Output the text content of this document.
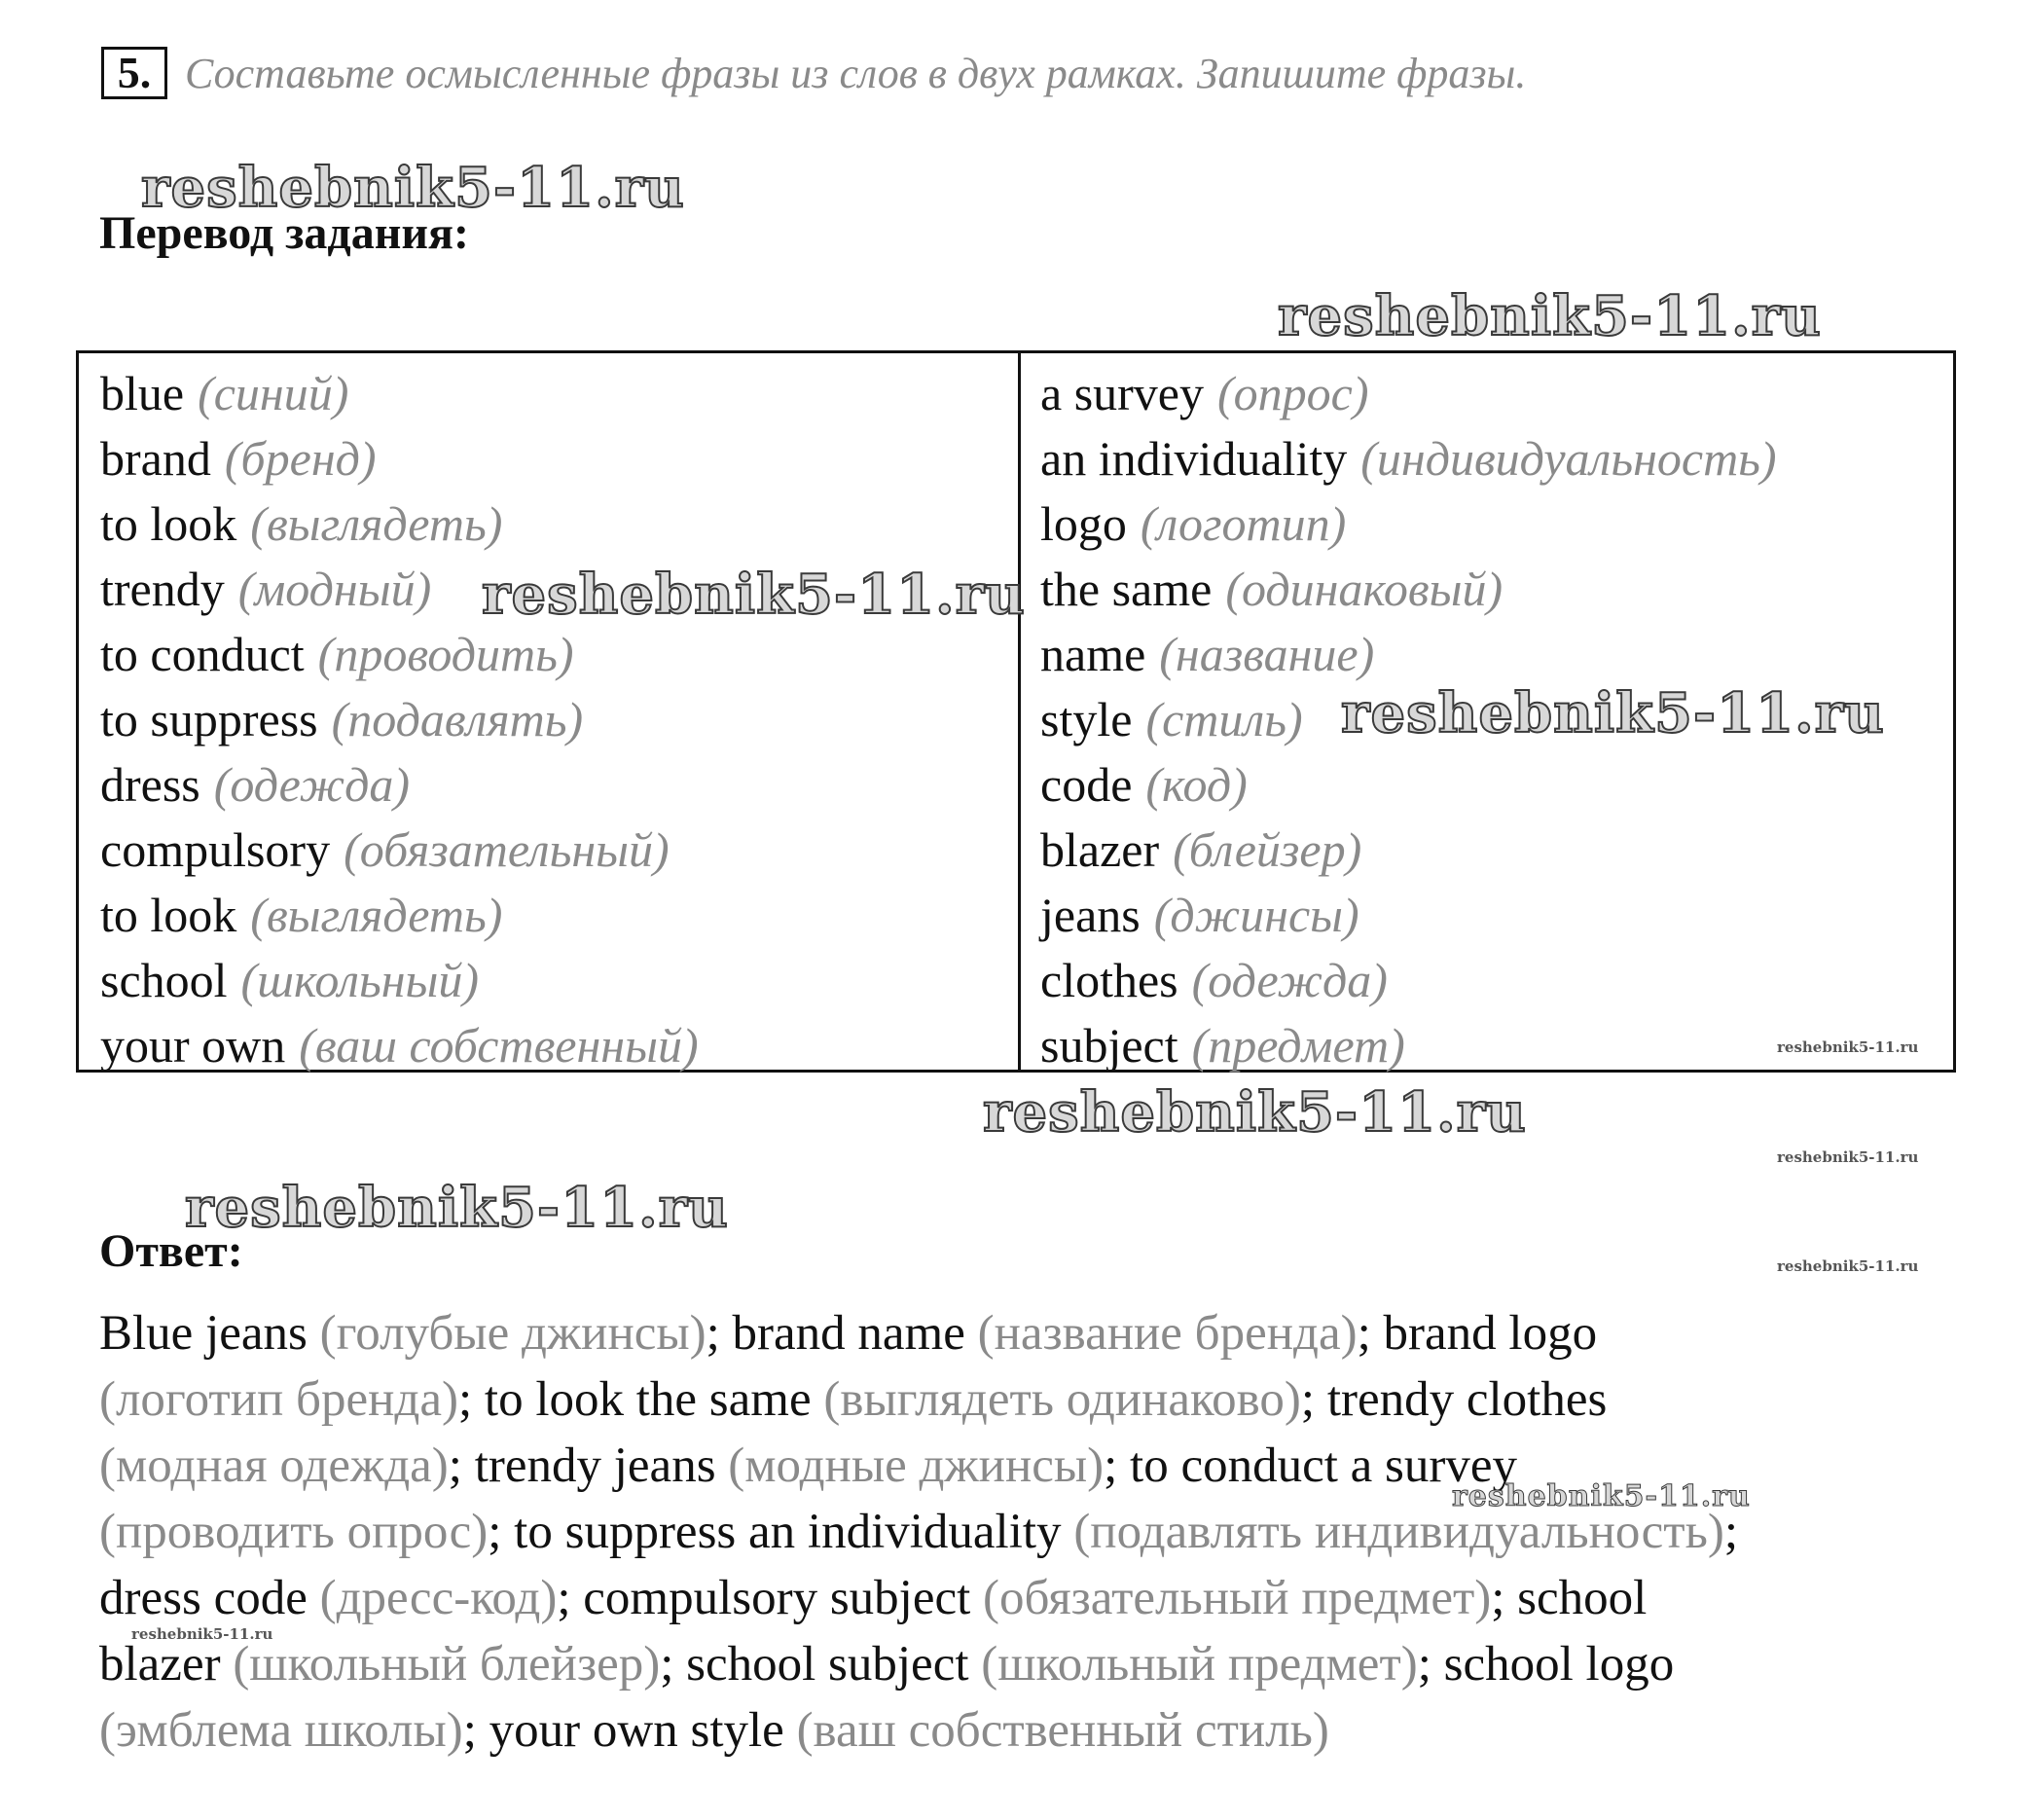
5. Составьте осмысленные фразы из слов в двух рамках. Запишите фразы.
reshebnik5-11.ru
reshebnik5-11.ru
reshebnik5-11.ru
reshebnik5-11.ru
Перевод задания:
blue (синий)
brand (бренд)
to look (выглядеть)
trendy (модный)
to conduct (проводить)
to suppress (подавлять)
dress (одежда)
compulsory (обязательный)
to look (выглядеть)
school (школьный)
your own (ваш собственный)
a survey (опрос)
an individuality (индивидуальность)
logo (логотип)
the same (одинаковый)
name (название)
style (стиль)
code (код)
blazer (блейзер)
jeans (джинсы)
clothes (одежда)
subject (предмет)
reshebnik5-11.ru
reshebnik5-11.ru
reshebnik5-11.ru
reshebnik5-11.ru
reshebnik5-11.ru
Ответ:
Blue jeans (голубые джинсы); brand name (название бренда); brand logo
(логотип бренда); to look the same (выглядеть одинаково); trendy clothes
(модная одежда); trendy jeans (модные джинсы); to conduct a survey
(проводить опрос); to suppress an individuality (подавлять индивидуальность);
dress code (дресс-код); compulsory subject (обязательный предмет); school
blazer (школьный блейзер); school subject (школьный предмет); school logo
(эмблема школы); your own style (ваш собственный стиль)
reshebnik5-11.ru
reshebnik5-11.ru
